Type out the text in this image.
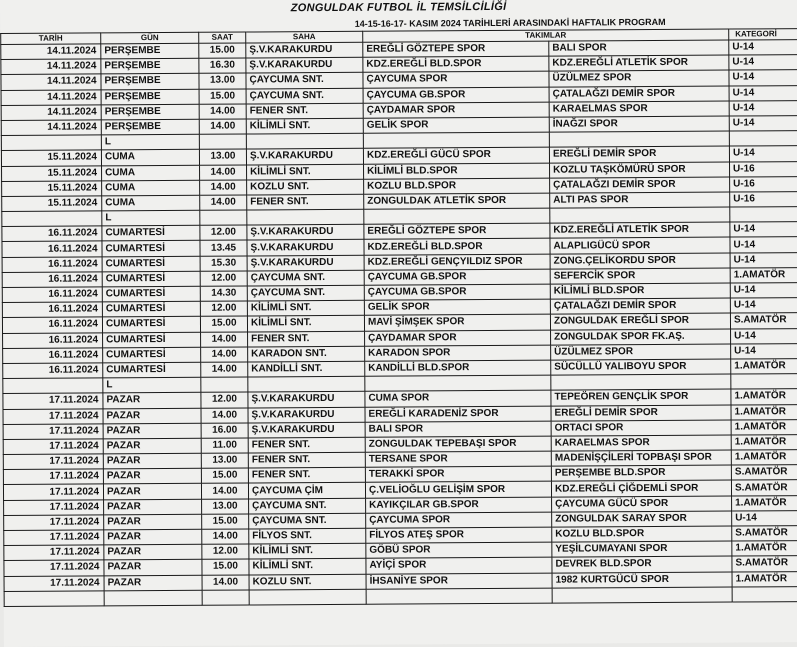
ZONGULDAK FUTBOL İL TEMSİLCİLİĞİ
14-15-16-17- KASIM 2024 TARİHLERİ ARASINDAKİ HAFTALIK PROGRAM
TARİH	GÜN	SAAT	SAHA	TAKIMLAR		KATEGORİ
14.11.2024	PERŞEMBE	15.00	Ş.V.KARAKURDU	EREĞLİ GÖZTEPE SPOR	BALI SPOR	U-14
14.11.2024	PERŞEMBE	16.30	Ş.V.KARAKURDU	KDZ.EREĞLİ BLD.SPOR	KDZ.EREĞLİ ATLETİK SPOR	U-14
14.11.2024	PERŞEMBE	13.00	ÇAYCUMA SNT.	ÇAYCUMA SPOR	ÜZÜLMEZ SPOR	U-14
14.11.2024	PERŞEMBE	15.00	ÇAYCUMA SNT.	ÇAYCUMA GB.SPOR	ÇATALAĞZI DEMİR SPOR	U-14
14.11.2024	PERŞEMBE	14.00	FENER SNT.	ÇAYDAMAR SPOR	KARAELMAS SPOR	U-14
14.11.2024	PERŞEMBE	14.00	KİLİMLİ SNT.	GELİK SPOR	İNAĞZI SPOR	U-14
	L					
15.11.2024	CUMA	13.00	Ş.V.KARAKURDU	KDZ.EREĞLİ GÜCÜ SPOR	EREĞLİ DEMİR SPOR	U-14
15.11.2024	CUMA	14.00	KİLİMLİ SNT.	KİLİMLİ BLD.SPOR	KOZLU TAŞKÖMÜRÜ SPOR	U-16
15.11.2024	CUMA	14.00	KOZLU SNT.	KOZLU BLD.SPOR	ÇATALAĞZI DEMİR SPOR	U-16
15.11.2024	CUMA	14.00	FENER SNT.	ZONGULDAK ATLETİK SPOR	ALTI PAS SPOR	U-16
	L					
16.11.2024	CUMARTESİ	12.00	Ş.V.KARAKURDU	EREĞLİ GÖZTEPE SPOR	KDZ.EREĞLİ ATLETİK SPOR	U-14
16.11.2024	CUMARTESİ	13.45	Ş.V.KARAKURDU	KDZ.EREĞLİ BLD.SPOR	ALAPLIGÜCÜ SPOR	U-14
16.11.2024	CUMARTESİ	15.30	Ş.V.KARAKURDU	KDZ.EREĞLİ GENÇYILDIZ SPOR	ZONG.ÇELİKORDU SPOR	U-14
16.11.2024	CUMARTESİ	12.00	ÇAYCUMA SNT.	ÇAYCUMA GB.SPOR	SEFERCİK SPOR	1.AMATÖR
16.11.2024	CUMARTESİ	14.30	ÇAYCUMA SNT.	ÇAYCUMA GB.SPOR	KİLİMLİ BLD.SPOR	U-14
16.11.2024	CUMARTESİ	12.00	KİLİMLİ SNT.	GELİK SPOR	ÇATALAĞZI DEMİR SPOR	U-14
16.11.2024	CUMARTESİ	15.00	KİLİMLİ SNT.	MAVİ ŞİMŞEK SPOR	ZONGULDAK EREĞLİ SPOR	S.AMATÖR
16.11.2024	CUMARTESİ	14.00	FENER SNT.	ÇAYDAMAR SPOR	ZONGULDAK SPOR FK.AŞ.	U-14
16.11.2024	CUMARTESİ	14.00	KARADON SNT.	KARADON SPOR	ÜZÜLMEZ SPOR	U-14
16.11.2024	CUMARTESİ	14.00	KANDİLLİ SNT.	KANDİLLİ BLD.SPOR	SÜCÜLLÜ YALIBOYU SPOR	1.AMATÖR
	L					
17.11.2024	PAZAR	12.00	Ş.V.KARAKURDU	CUMA SPOR	TEPEÖREN GENÇLİK SPOR	1.AMATÖR
17.11.2024	PAZAR	14.00	Ş.V.KARAKURDU	EREĞLİ KARADENİZ SPOR	EREĞLİ DEMİR SPOR	1.AMATÖR
17.11.2024	PAZAR	16.00	Ş.V.KARAKURDU	BALI SPOR	ORTACI SPOR	1.AMATÖR
17.11.2024	PAZAR	11.00	FENER SNT.	ZONGULDAK TEPEBAŞI SPOR	KARAELMAS SPOR	1.AMATÖR
17.11.2024	PAZAR	13.00	FENER SNT.	TERSANE SPOR	MADENİŞÇİLERİ TOPBAŞI SPOR	1.AMATÖR
17.11.2024	PAZAR	15.00	FENER SNT.	TERAKKİ SPOR	PERŞEMBE BLD.SPOR	S.AMATÖR
17.11.2024	PAZAR	14.00	ÇAYCUMA ÇİM	Ç.VELİOĞLU GELİŞİM SPOR	KDZ.EREĞLİ ÇİĞDEMLİ SPOR	S.AMATÖR
17.11.2024	PAZAR	13.00	ÇAYCUMA SNT.	KAYIKÇILAR GB.SPOR	ÇAYCUMA GÜCÜ SPOR	1.AMATÖR
17.11.2024	PAZAR	15.00	ÇAYCUMA SNT.	ÇAYCUMA SPOR	ZONGULDAK SARAY SPOR	U-14
17.11.2024	PAZAR	14.00	FİLYOS SNT.	FİLYOS ATEŞ SPOR	KOZLU BLD.SPOR	S.AMATÖR
17.11.2024	PAZAR	12.00	KİLİMLİ SNT.	GÖBÜ SPOR	YEŞİLCUMAYANI SPOR	1.AMATÖR
17.11.2024	PAZAR	15.00	KİLİMLİ SNT.	AYİÇİ SPOR	DEVREK BLD.SPOR	S.AMATÖR
17.11.2024	PAZAR	14.00	KOZLU SNT.	İHSANİYE SPOR	1982 KURTGÜCÜ SPOR	1.AMATÖR
